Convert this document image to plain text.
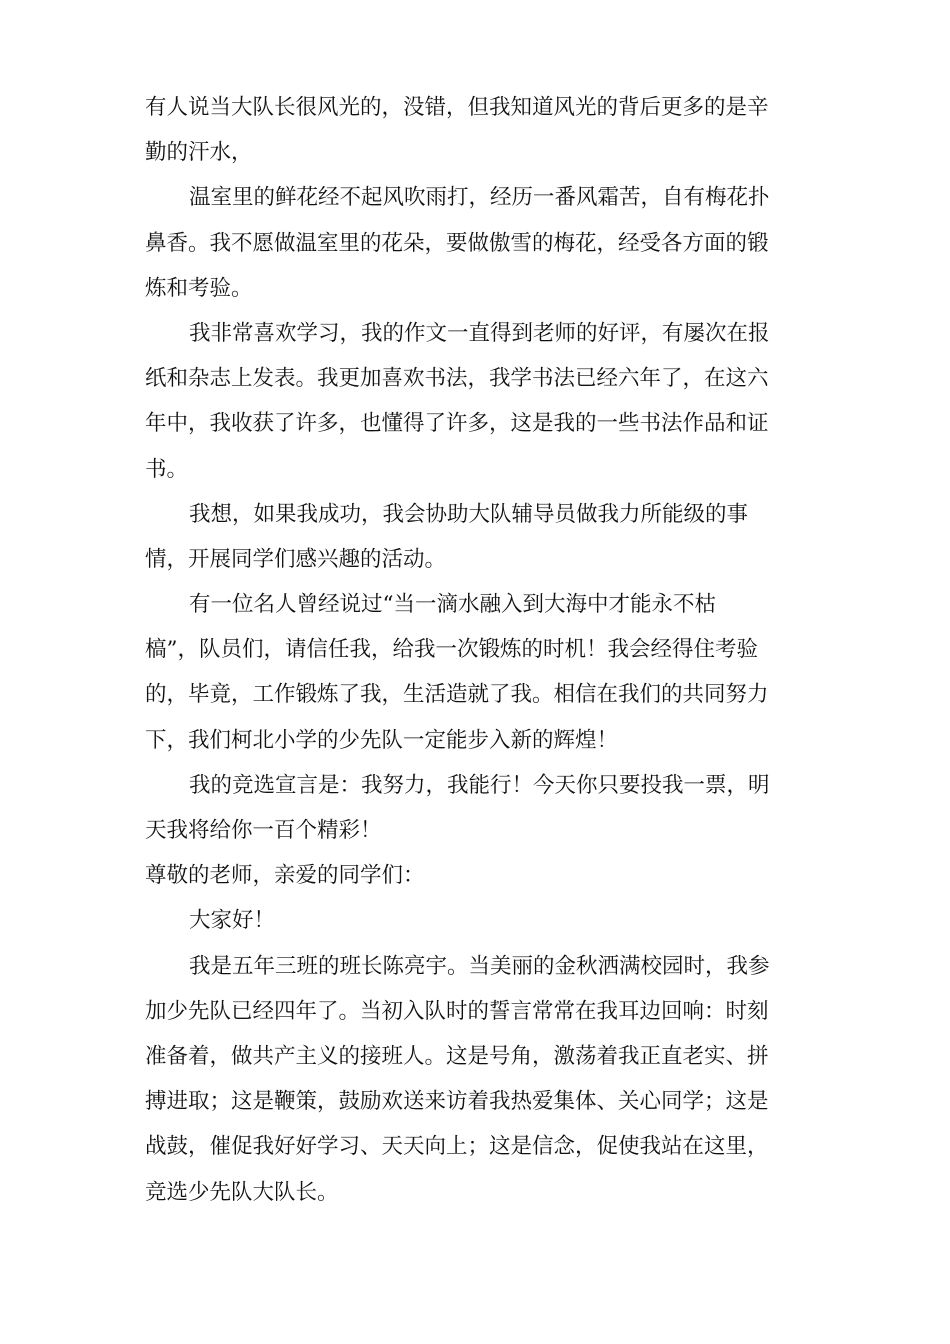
有人说当大队长很风光的，没错，但我知道风光的背后更多的是辛
勤的汗水，
温室里的鲜花经不起风吹雨打，经历一番风霜苦，自有梅花扑
鼻香。我不愿做温室里的花朵，要做傲雪的梅花，经受各方面的锻
炼和考验。
我非常喜欢学习，我的作文一直得到老师的好评，有屡次在报
纸和杂志上发表。我更加喜欢书法，我学书法已经六年了，在这六
年中，我收获了许多，也懂得了许多，这是我的一些书法作品和证
书。
我想，如果我成功，我会协助大队辅导员做我力所能级的事
情，开展同学们感兴趣的活动。
有一位名人曾经说过“当一滴水融入到大海中才能永不枯
槁”，队员们，请信任我，给我一次锻炼的时机！我会经得住考验
的，毕竟，工作锻炼了我，生活造就了我。相信在我们的共同努力
下，我们柯北小学的少先队一定能步入新的辉煌！
我的竞选宣言是：我努力，我能行！今天你只要投我一票，明
天我将给你一百个精彩！
尊敬的老师，亲爱的同学们：
大家好！
我是五年三班的班长陈亮宇。当美丽的金秋洒满校园时，我参
加少先队已经四年了。当初入队时的誓言常常在我耳边回响：时刻
准备着，做共产主义的接班人。这是号角，激荡着我正直老实、拼
搏进取；这是鞭策，鼓励欢送来访着我热爱集体、关心同学；这是
战鼓，催促我好好学习、天天向上；这是信念，促使我站在这里，
竞选少先队大队长。
